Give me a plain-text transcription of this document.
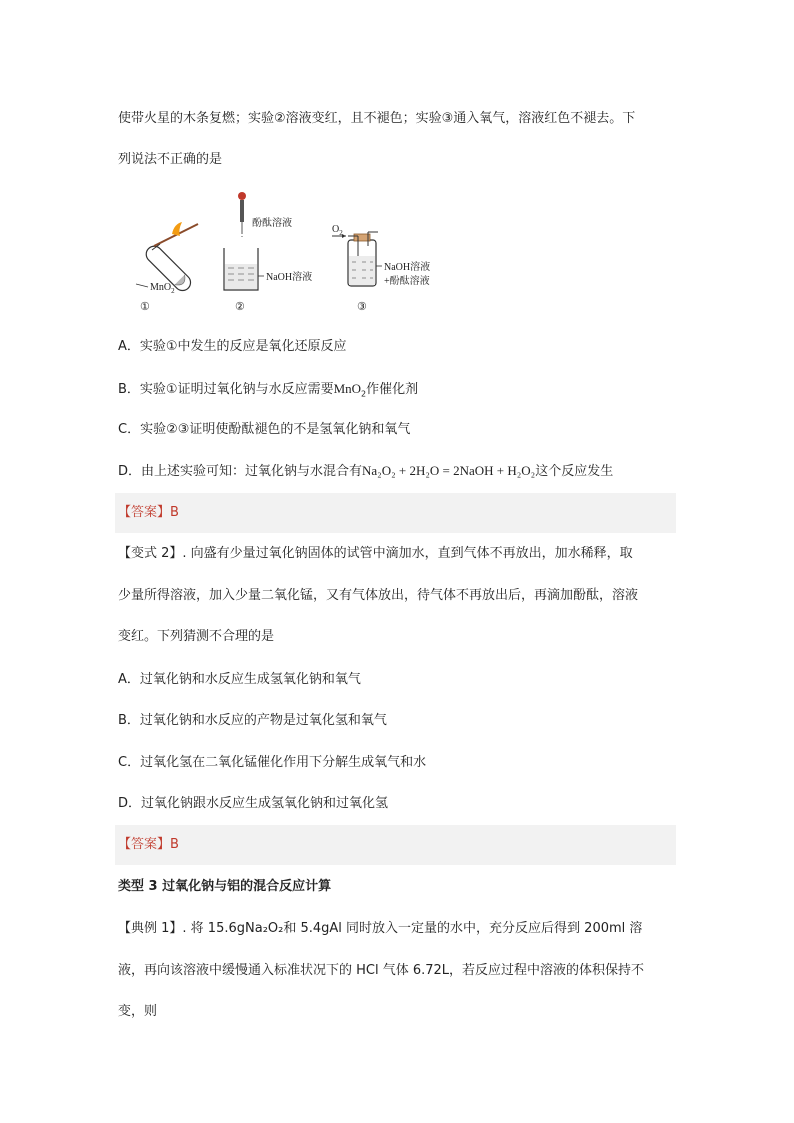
使带火星的木条复燃；实验②溶液变红，且不褪色；实验③通入氧气，溶液红色不褪去。下
列说法不正确的是
MnO$_2$
①
酚酞溶液
NaOH溶液
②
$O_2$
NaOH溶液
+酚酞溶液
③
A．实验①中发生的反应是氧化还原反应
B．实验①证明过氧化钠与水反应需要MnO$_2$作催化剂
C．实验②③证明使酚酞褪色的不是氢氧化钠和氧气
D．由上述实验可知：过氧化钠与水混合有Na₂O₂ + 2H₂O = 2NaOH + H₂O₂这个反应发生
【答案】B
【变式 2】. 向盛有少量过氧化钠固体的试管中滴加水，直到气体不再放出，加水稀释，取
少量所得溶液，加入少量二氧化锰，又有气体放出，待气体不再放出后，再滴加酚酞，溶液
变红。下列猜测不合理的是
A．过氧化钠和水反应生成氢氧化钠和氧气
B．过氧化钠和水反应的产物是过氧化氢和氧气
C．过氧化氢在二氧化锰催化作用下分解生成氧气和水
D．过氧化钠跟水反应生成氢氧化钠和过氧化氢
【答案】B
类型 3 过氧化钠与铝的混合反应计算
【典例 1】. 将 15.6gNa₂O₂和 5.4gAl 同时放入一定量的水中，充分反应后得到 200ml 溶
液，再向该溶液中缓慢通入标准状况下的 HCl 气体 6.72L，若反应过程中溶液的体积保持不
变，则
